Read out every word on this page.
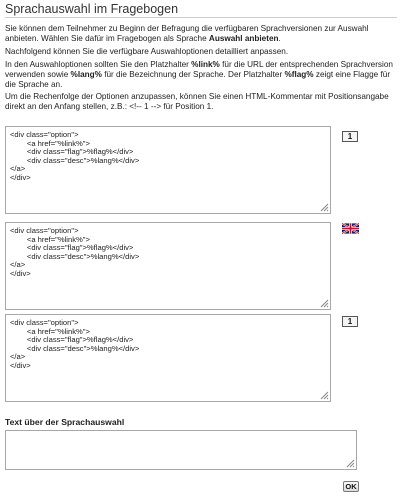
Sprachauswahl im Fragebogen
Sie können dem Teilnehmer zu Beginn der Befragung die verfügbaren Sprachversionen zur Auswahl anbieten. Wählen Sie dafür im Fragebogen als Sprache Auswahl anbieten.
Nachfolgend können Sie die verfügbare Auswahloptionen detailliert anpassen.
In den Auswahloptionen sollten Sie den Platzhalter %link% für die URL der entsprechenden Sprachversion verwenden sowie %lang% für die Bezeichnung der Sprache. Der Platzhalter %flag% zeigt eine Flagge für die Sprache an.
Um die Rechenfolge der Optionen anzupassen, können Sie einen HTML-Kommentar mit Positionsangabe direkt an den Anfang stellen, z.B.: <!-- 1 --> für Position 1.
<div class="option">
<a href="%link%">
<div class="flag">%flag%</div>
<div class="desc">%lang%</div>
</a>
</div>
1
<div class="option">
<a href="%link%">
<div class="flag">%flag%</div>
<div class="desc">%lang%</div>
</a>
</div>
<div class="option">
<a href="%link%">
<div class="flag">%flag%</div>
<div class="desc">%lang%</div>
</a>
</div>
1
Text über der Sprachauswahl
OK
